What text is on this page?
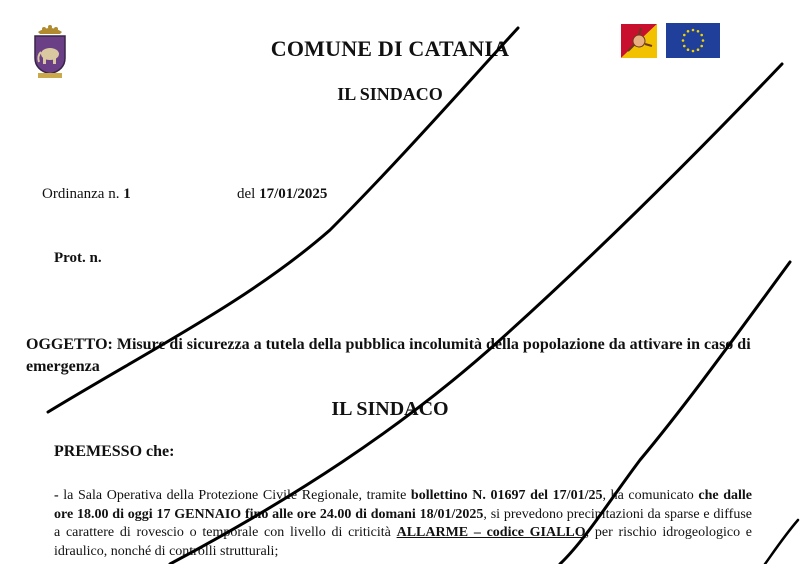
COMUNE DI CATANIA
IL SINDACO
Ordinanza n. 1	del 17/01/2025
Prot. n.
OGGETTO: Misure di sicurezza a tutela della pubblica incolumità della popolazione da attivare in caso di emergenza
IL SINDACO
PREMESSO che:
- la Sala Operativa della Protezione Civile Regionale, tramite bollettino N. 01697 del 17/01/25, ha comunicato che dalle ore 18.00 di oggi 17 GENNAIO fino alle ore 24.00 di domani 18/01/2025, si prevedono precipitazioni da sparse e diffuse a carattere di rovescio o temporale con livello di criticità ALLARME – codice GIALLO, per rischio idrogeologico e idraulico, nonché di controlli strutturali;
